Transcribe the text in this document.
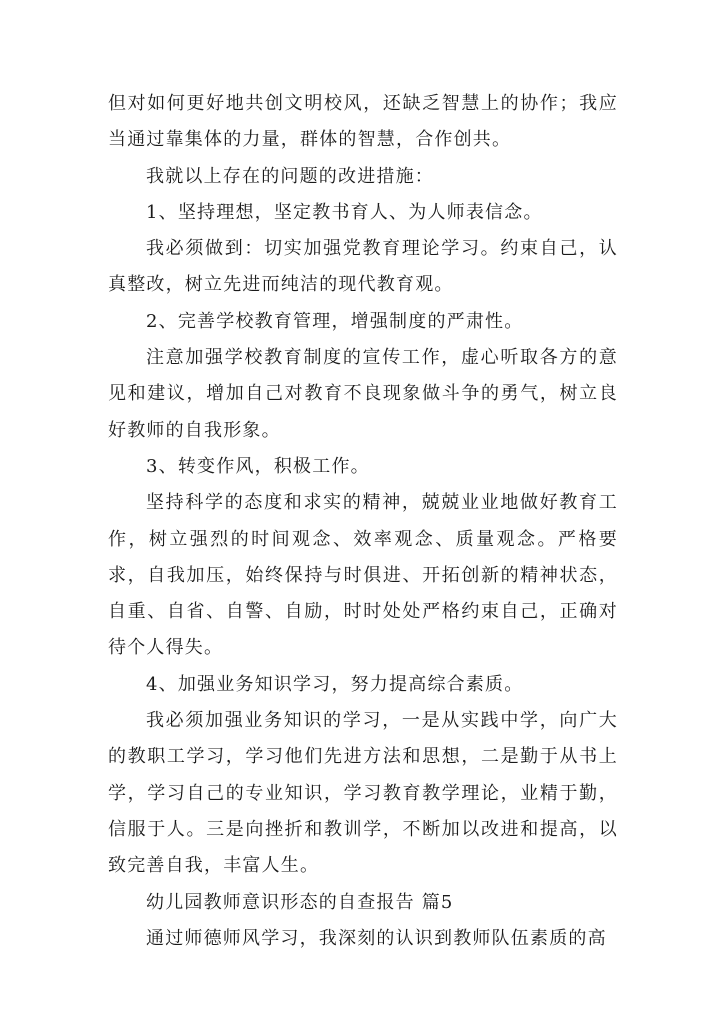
但对如何更好地共创文明校风，还缺乏智慧上的协作；我应当通过靠集体的力量，群体的智慧，合作创共。

我就以上存在的问题的改进措施：

1、坚持理想，坚定教书育人、为人师表信念。

我必须做到：切实加强党教育理论学习。约束自己，认真整改，树立先进而纯洁的现代教育观。

2、完善学校教育管理，增强制度的严肃性。

注意加强学校教育制度的宣传工作，虚心听取各方的意见和建议，增加自己对教育不良现象做斗争的勇气，树立良好教师的自我形象。

3、转变作风，积极工作。

坚持科学的态度和求实的精神，兢兢业业地做好教育工作，树立强烈的时间观念、效率观念、质量观念。严格要求，自我加压，始终保持与时俱进、开拓创新的精神状态，自重、自省、自警、自励，时时处处严格约束自己，正确对待个人得失。

4、加强业务知识学习，努力提高综合素质。

我必须加强业务知识的学习，一是从实践中学，向广大的教职工学习，学习他们先进方法和思想，二是勤于从书上学，学习自己的专业知识，学习教育教学理论，业精于勤，信服于人。三是向挫折和教训学，不断加以改进和提高，以致完善自我，丰富人生。

幼儿园教师意识形态的自查报告 篇5

通过师德师风学习，我深刻的认识到教师队伍素质的高
